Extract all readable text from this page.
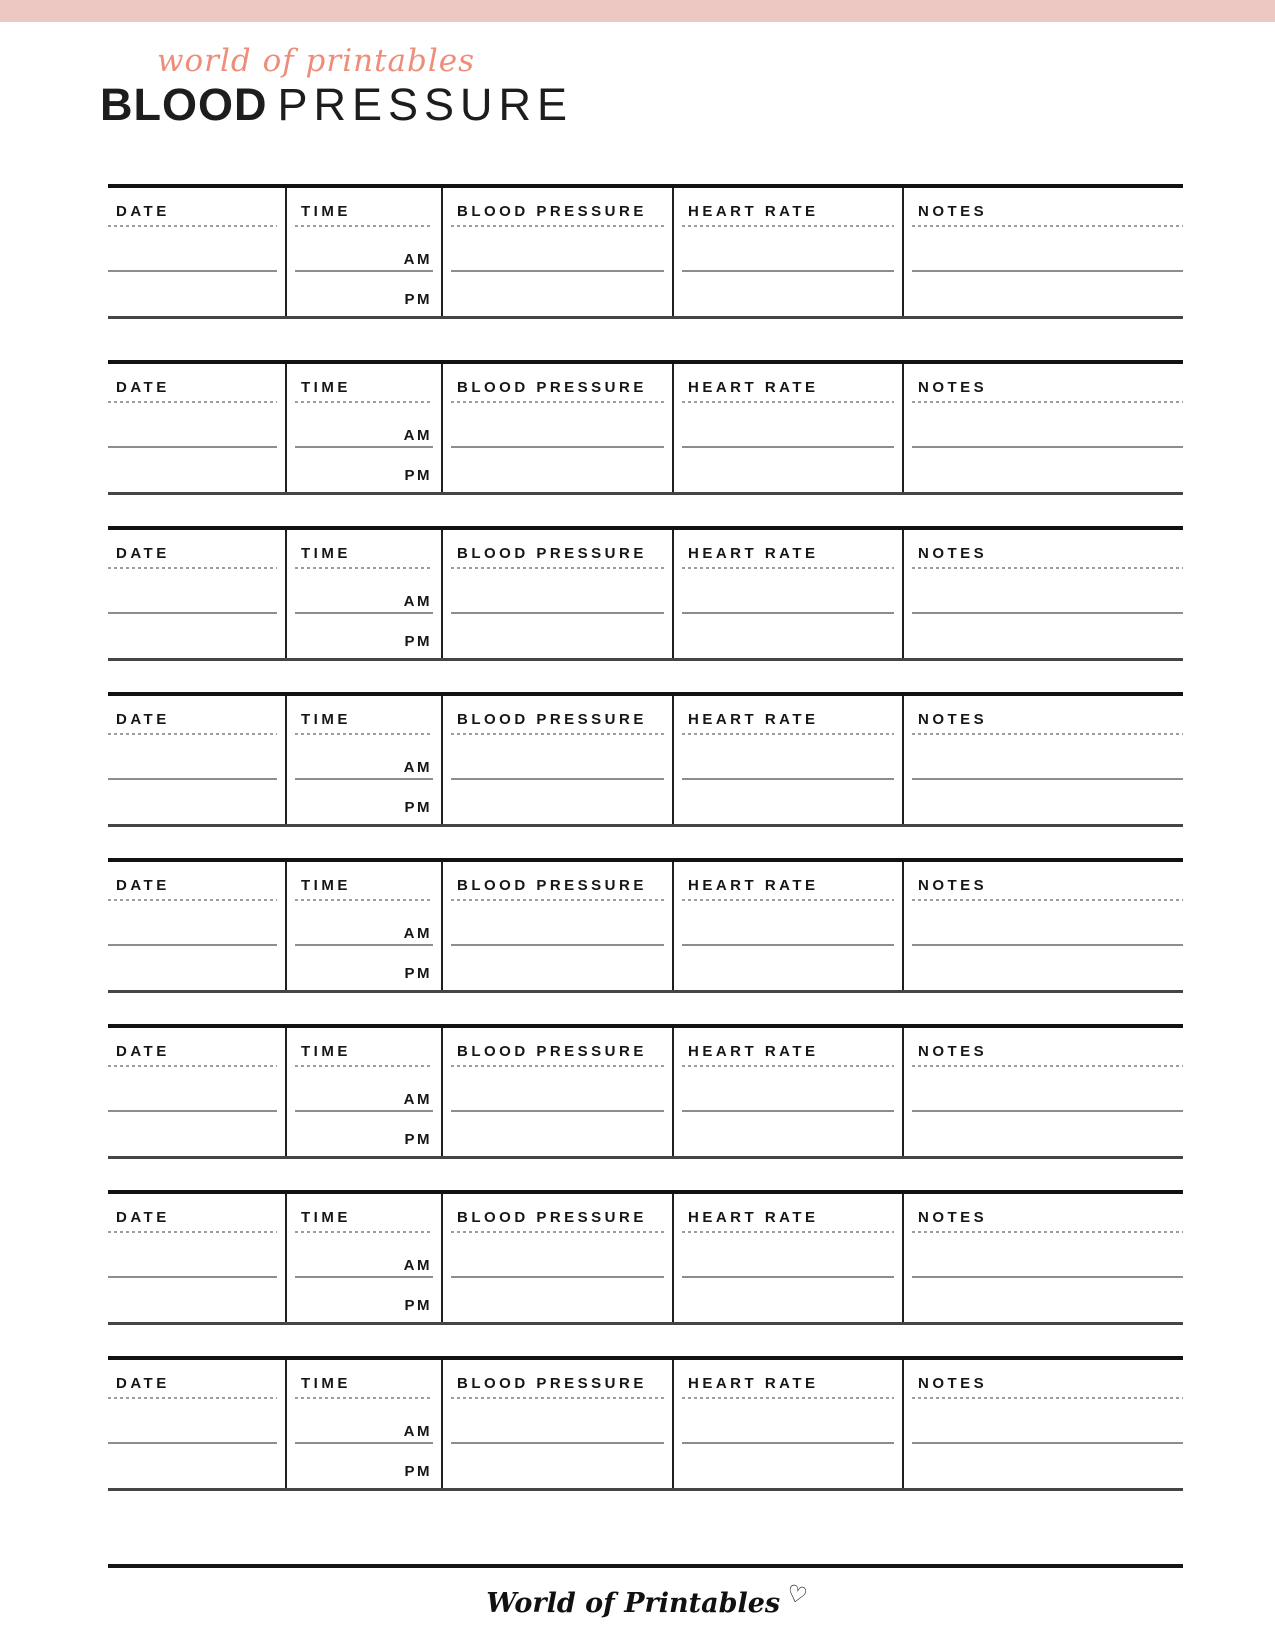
world of printables
BLOOD PRESSURE
DATE	TIME	BLOOD PRESSURE	HEART RATE	NOTES
AM
PM
DATE	TIME	BLOOD PRESSURE	HEART RATE	NOTES
AM
PM
DATE	TIME	BLOOD PRESSURE	HEART RATE	NOTES
AM
PM
DATE	TIME	BLOOD PRESSURE	HEART RATE	NOTES
AM
PM
DATE	TIME	BLOOD PRESSURE	HEART RATE	NOTES
AM
PM
DATE	TIME	BLOOD PRESSURE	HEART RATE	NOTES
AM
PM
DATE	TIME	BLOOD PRESSURE	HEART RATE	NOTES
AM
PM
DATE	TIME	BLOOD PRESSURE	HEART RATE	NOTES
AM
PM
World of Printables ♡
